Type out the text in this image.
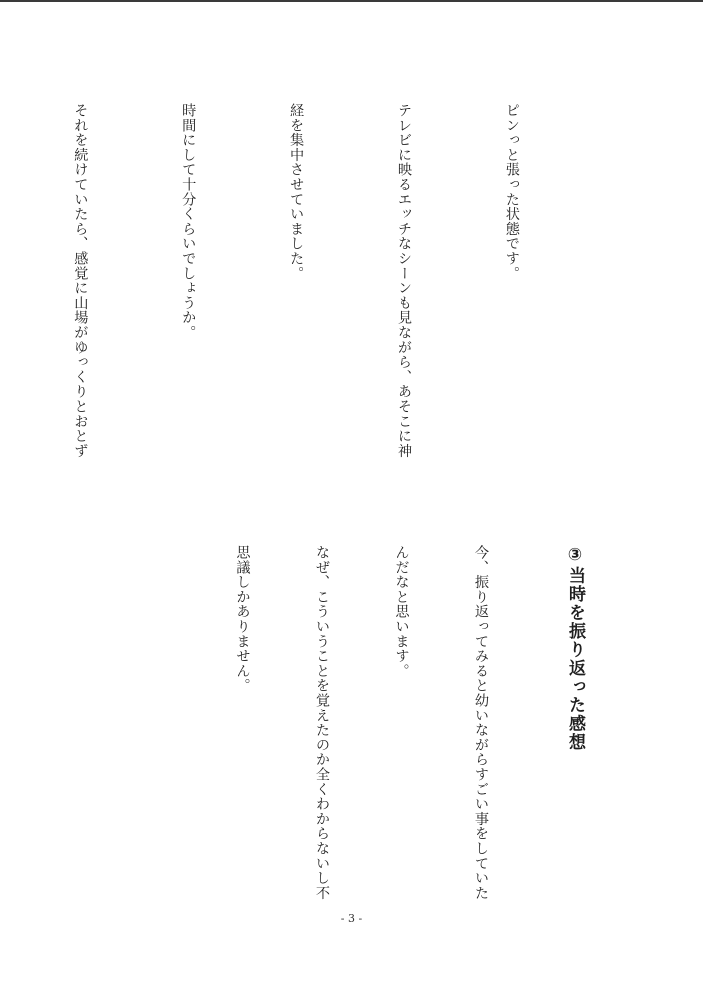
ピンっと張った状態です。

テレビに映るエッチなシーンも見ながら、あそこに神

経を集中させていました。

時間にして十分くらいでしょうか。

それを続けていたら、感覚に山場がゆっくりとおとず

③当時を振り返った感想

今、振り返ってみると幼いながらすごい事をしていた

んだなと思います。

なぜ、こういうことを覚えたのか全くわからないし不

思議しかありません。

- 3 -
